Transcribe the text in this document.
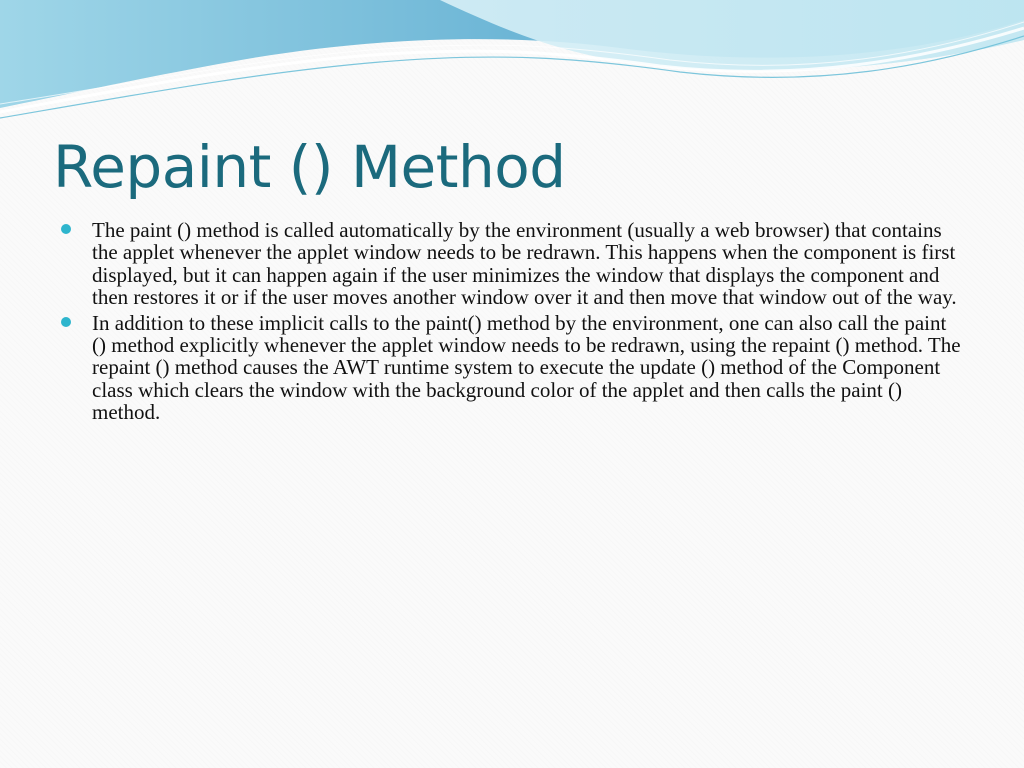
Repaint () Method
The paint () method is called automatically by the environment (usually a web browser) that contains the applet whenever the applet window needs to be redrawn. This happens when the component is first displayed, but it can happen again if the user minimizes the window that displays the component and then restores it or if the user moves another window over it and then move that window out of the way.
In addition to these implicit calls to the paint() method by the environment, one can also call the paint () method explicitly whenever the applet window needs to be redrawn, using the repaint () method. The repaint () method causes the AWT runtime system to execute the update () method of the Component class which clears the window with the background color of the applet and then calls the paint () method.
